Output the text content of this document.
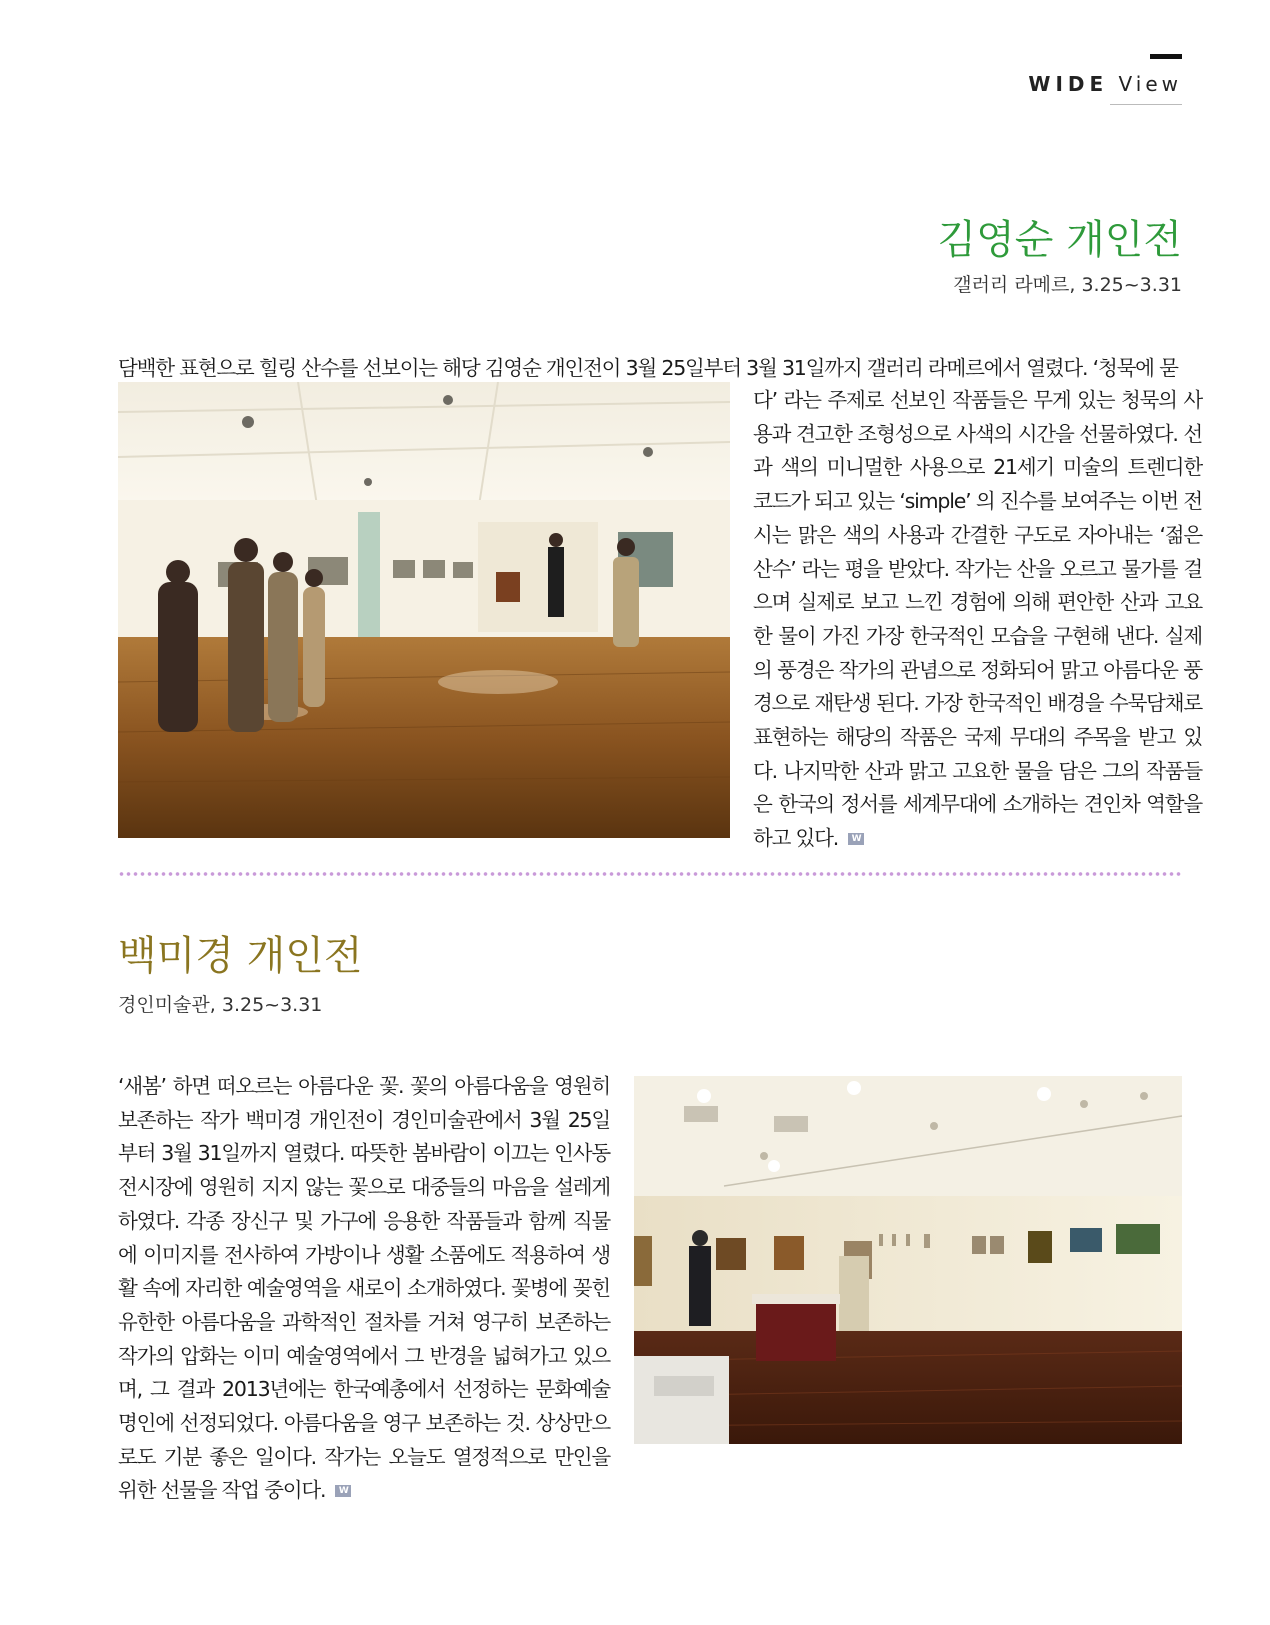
WIDE View
김영순 개인전

갤러리 라메르, 3.25~3.31

담백한 표현으로 힐링 산수를 선보이는 해당 김영순 개인전이 3월 25일부터 3월 31일까지 갤러리 라메르에서 열렸다. ‘청묵에 묻
다’ 라는 주제로 선보인 작품들은 무게 있는 청묵의 사용과 견고한 조형성으로 사색의 시간을 선물하였다. 선과 색의 미니멀한 사용으로 21세기 미술의 트렌디한 코드가 되고 있는 ‘simple’ 의 진수를 보여주는 이번 전시는 맑은 색의 사용과 간결한 구도로 자아내는 ‘젊은 산수’ 라는 평을 받았다. 작가는 산을 오르고 물가를 걸으며 실제로 보고 느낀 경험에 의해 편안한 산과 고요한 물이 가진 가장 한국적인 모습을 구현해 낸다. 실제의 풍경은 작가의 관념으로 정화되어 맑고 아름다운 풍경으로 재탄생 된다. 가장 한국적인 배경을 수묵담채로 표현하는 해당의 작품은 국제 무대의 주목을 받고 있다. 나지막한 산과 맑고 고요한 물을 담은 그의 작품들은 한국의 정서를 세계무대에 소개하는 견인차 역할을 하고 있다. W
백미경 개인전

경인미술관, 3.25~3.31

‘새봄’ 하면 떠오르는 아름다운 꽃. 꽃의 아름다움을 영원히 보존하는 작가 백미경 개인전이 경인미술관에서 3월 25일부터 3월 31일까지 열렸다. 따뜻한 봄바람이 이끄는 인사동 전시장에 영원히 지지 않는 꽃으로 대중들의 마음을 설레게 하였다. 각종 장신구 및 가구에 응용한 작품들과 함께 직물에 이미지를 전사하여 가방이나 생활 소품에도 적용하여 생활 속에 자리한 예술영역을 새로이 소개하였다. 꽃병에 꽂힌 유한한 아름다움을 과학적인 절차를 거쳐 영구히 보존하는 작가의 압화는 이미 예술영역에서 그 반경을 넓혀가고 있으며, 그 결과 2013년에는 한국예총에서 선정하는 문화예술명인에 선정되었다. 아름다움을 영구 보존하는 것. 상상만으로도 기분 좋은 일이다. 작가는 오늘도 열정적으로 만인을 위한 선물을 작업 중이다. W
